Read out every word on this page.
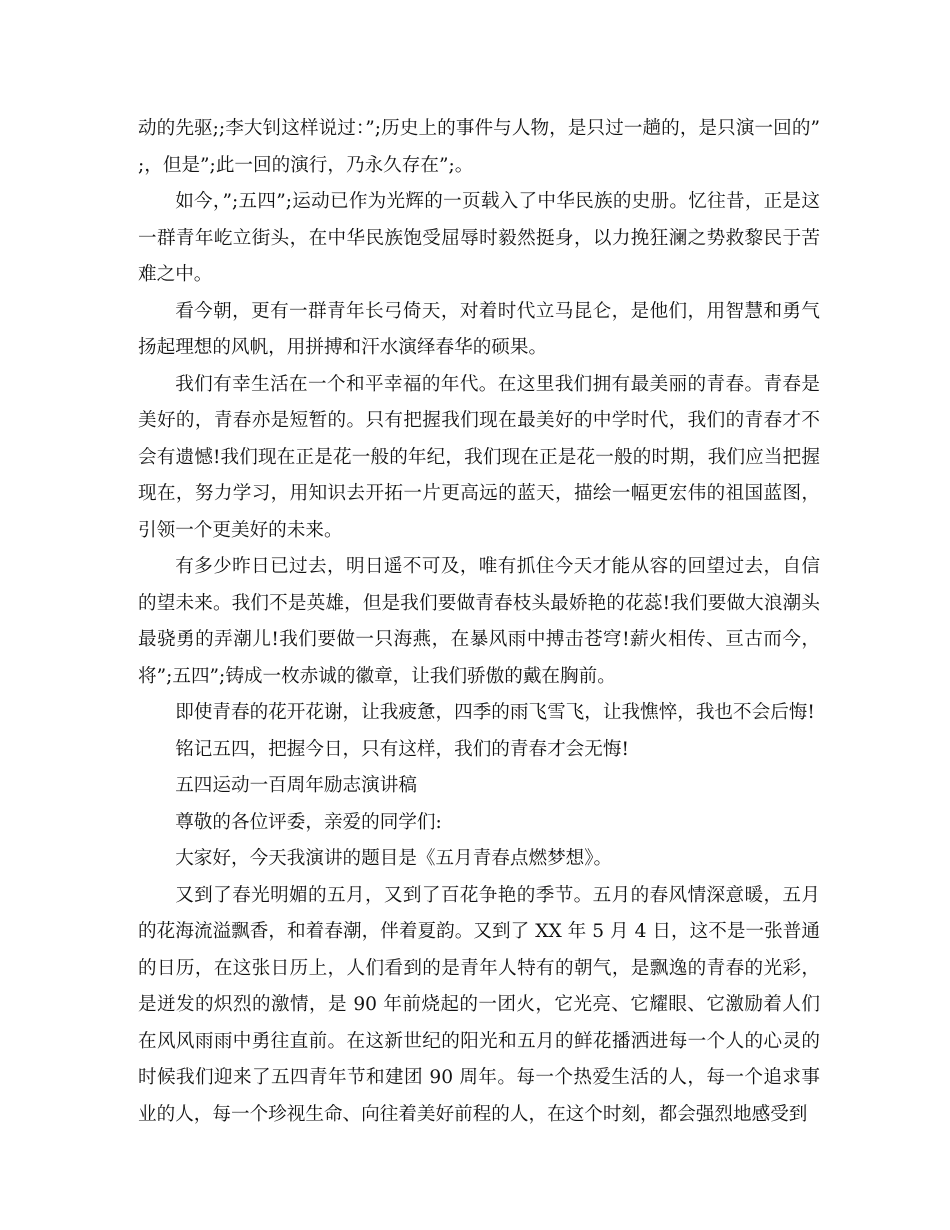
动的先驱;;李大钊这样说过：”;历史上的事件与人物，是只过一趟的，是只演一回的”;，但是”;此一回的演行，乃永久存在”;。

如今，”;五四”;运动已作为光辉的一页载入了中华民族的史册。忆往昔，正是这一群青年屹立街头，在中华民族饱受屈辱时毅然挺身，以力挽狂澜之势救黎民于苦难之中。

看今朝，更有一群青年长弓倚天，对着时代立马昆仑，是他们，用智慧和勇气扬起理想的风帆，用拼搏和汗水演绎春华的硕果。

我们有幸生活在一个和平幸福的年代。在这里我们拥有最美丽的青春。青春是美好的，青春亦是短暂的。只有把握我们现在最美好的中学时代，我们的青春才不会有遗憾!我们现在正是花一般的年纪，我们现在正是花一般的时期，我们应当把握现在，努力学习，用知识去开拓一片更高远的蓝天，描绘一幅更宏伟的祖国蓝图，引领一个更美好的未来。

有多少昨日已过去，明日遥不可及，唯有抓住今天才能从容的回望过去，自信的望未来。我们不是英雄，但是我们要做青春枝头最娇艳的花蕊!我们要做大浪潮头最骁勇的弄潮儿!我们要做一只海燕，在暴风雨中搏击苍穹!薪火相传、亘古而今，将”;五四”;铸成一枚赤诚的徽章，让我们骄傲的戴在胸前。

即使青春的花开花谢，让我疲惫，四季的雨飞雪飞，让我憔悴，我也不会后悔!

铭记五四，把握今日，只有这样，我们的青春才会无悔!

五四运动一百周年励志演讲稿

尊敬的各位评委，亲爱的同学们:

大家好，今天我演讲的题目是《五月青春点燃梦想》。

又到了春光明媚的五月，又到了百花争艳的季节。五月的春风情深意暖，五月的花海流溢飘香，和着春潮，伴着夏韵。又到了 XX 年 5 月 4 日，这不是一张普通的日历，在这张日历上，人们看到的是青年人特有的朝气，是飘逸的青春的光彩，是迸发的炽烈的激情，是 90 年前烧起的一团火，它光亮、它耀眼、它激励着人们在风风雨雨中勇往直前。在这新世纪的阳光和五月的鲜花播洒进每一个人的心灵的时候我们迎来了五四青年节和建团 90 周年。每一个热爱生活的人，每一个追求事业的人，每一个珍视生命、向往着美好前程的人，在这个时刻，都会强烈地感受到
